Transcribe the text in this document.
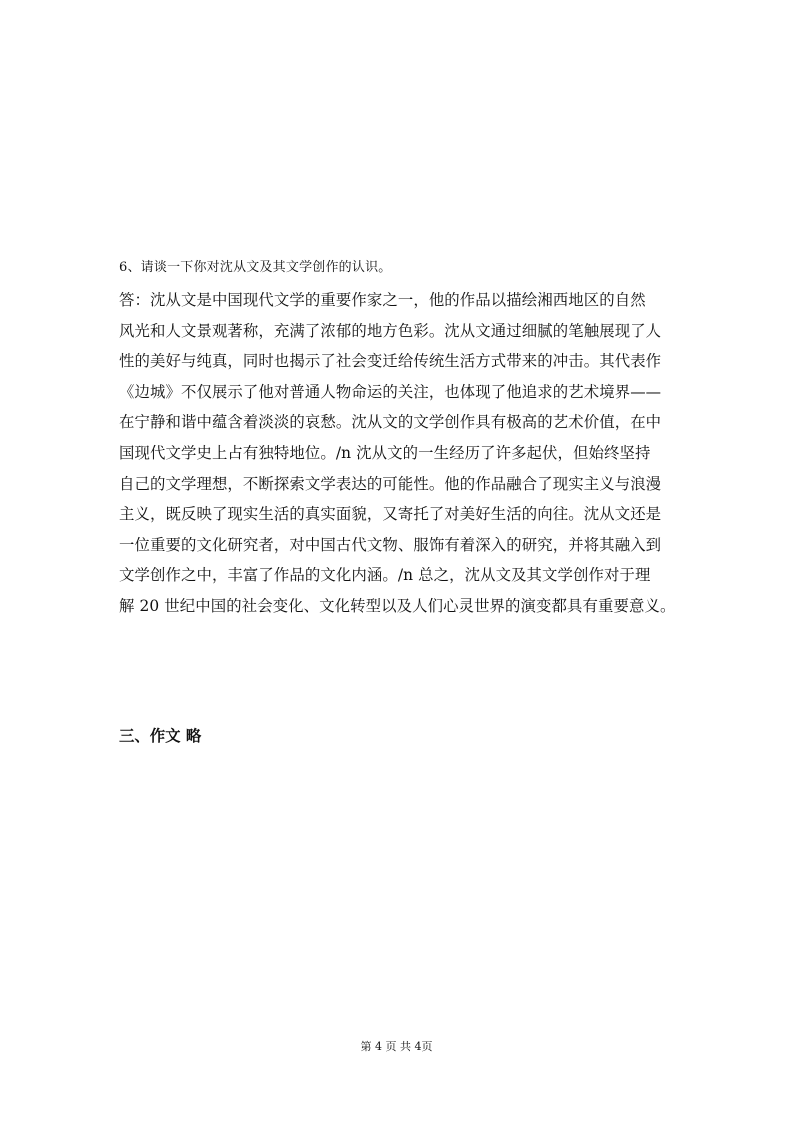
6、请谈一下你对沈从文及其文学创作的认识。
答：沈从文是中国现代文学的重要作家之一，他的作品以描绘湘西地区的自然
风光和人文景观著称，充满了浓郁的地方色彩。沈从文通过细腻的笔触展现了人
性的美好与纯真，同时也揭示了社会变迁给传统生活方式带来的冲击。其代表作
《边城》不仅展示了他对普通人物命运的关注，也体现了他追求的艺术境界——
在宁静和谐中蕴含着淡淡的哀愁。沈从文的文学创作具有极高的艺术价值，在中
国现代文学史上占有独特地位。/n 沈从文的一生经历了许多起伏，但始终坚持
自己的文学理想，不断探索文学表达的可能性。他的作品融合了现实主义与浪漫
主义，既反映了现实生活的真实面貌，又寄托了对美好生活的向往。沈从文还是
一位重要的文化研究者，对中国古代文物、服饰有着深入的研究，并将其融入到
文学创作之中，丰富了作品的文化内涵。/n 总之，沈从文及其文学创作对于理
解 20 世纪中国的社会变化、文化转型以及人们心灵世界的演变都具有重要意义。
三、作文 略
第 4 页 共 4页
